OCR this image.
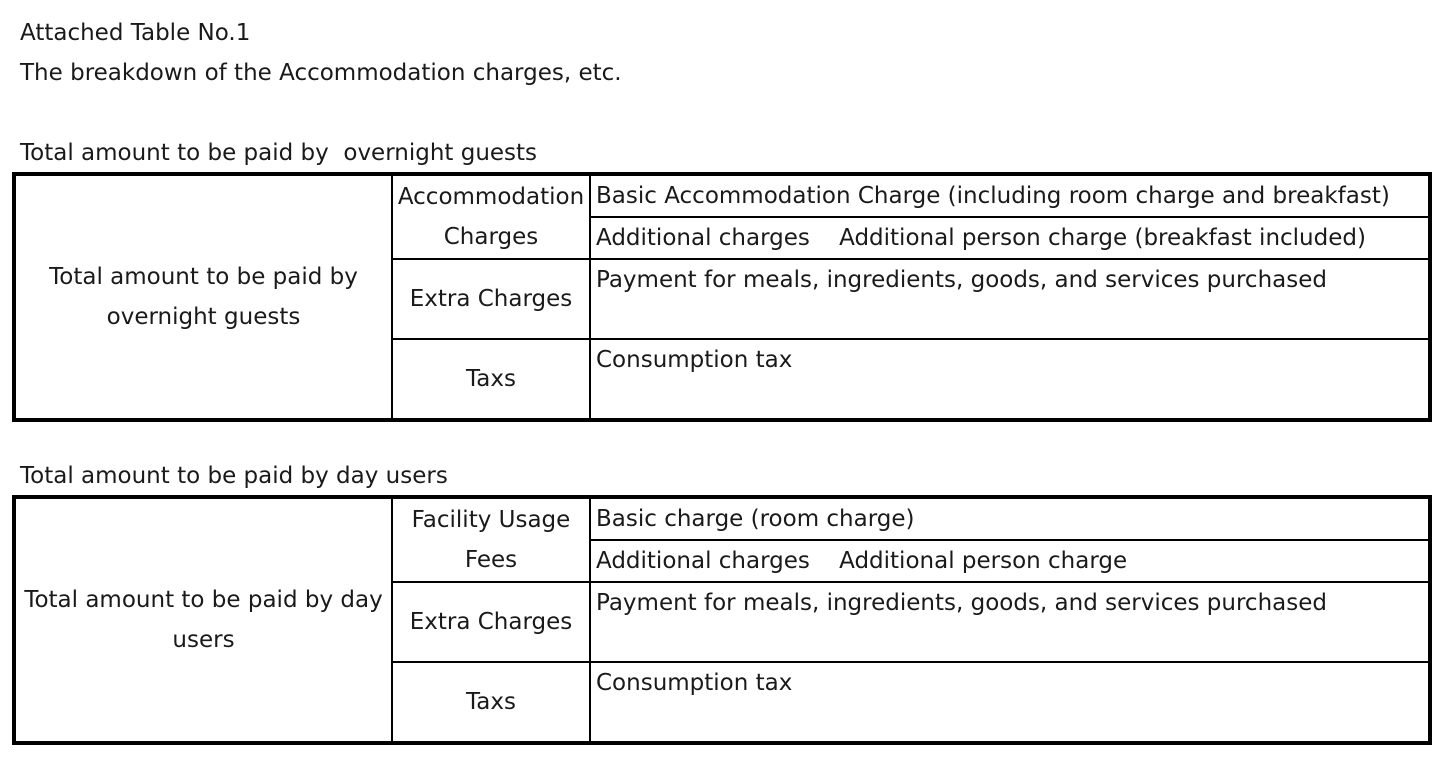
Attached Table No.1
The breakdown of the Accommodation charges, etc.
Total amount to be paid by  overnight guests
Total amount to be paid by
overnight guests	Accommodation
Charges	Basic Accommodation Charge (including room charge and breakfast)
		Additional charges    Additional person charge (breakfast included)

	Extra Charges	Payment for meals, ingredients, goods, and services purchased

	Taxs	Consumption tax
Total amount to be paid by day users
Total amount to be paid by day
users	Facility Usage
Fees	Basic charge (room charge)
		Additional charges    Additional person charge

	Extra Charges	Payment for meals, ingredients, goods, and services purchased

	Taxs	Consumption tax
